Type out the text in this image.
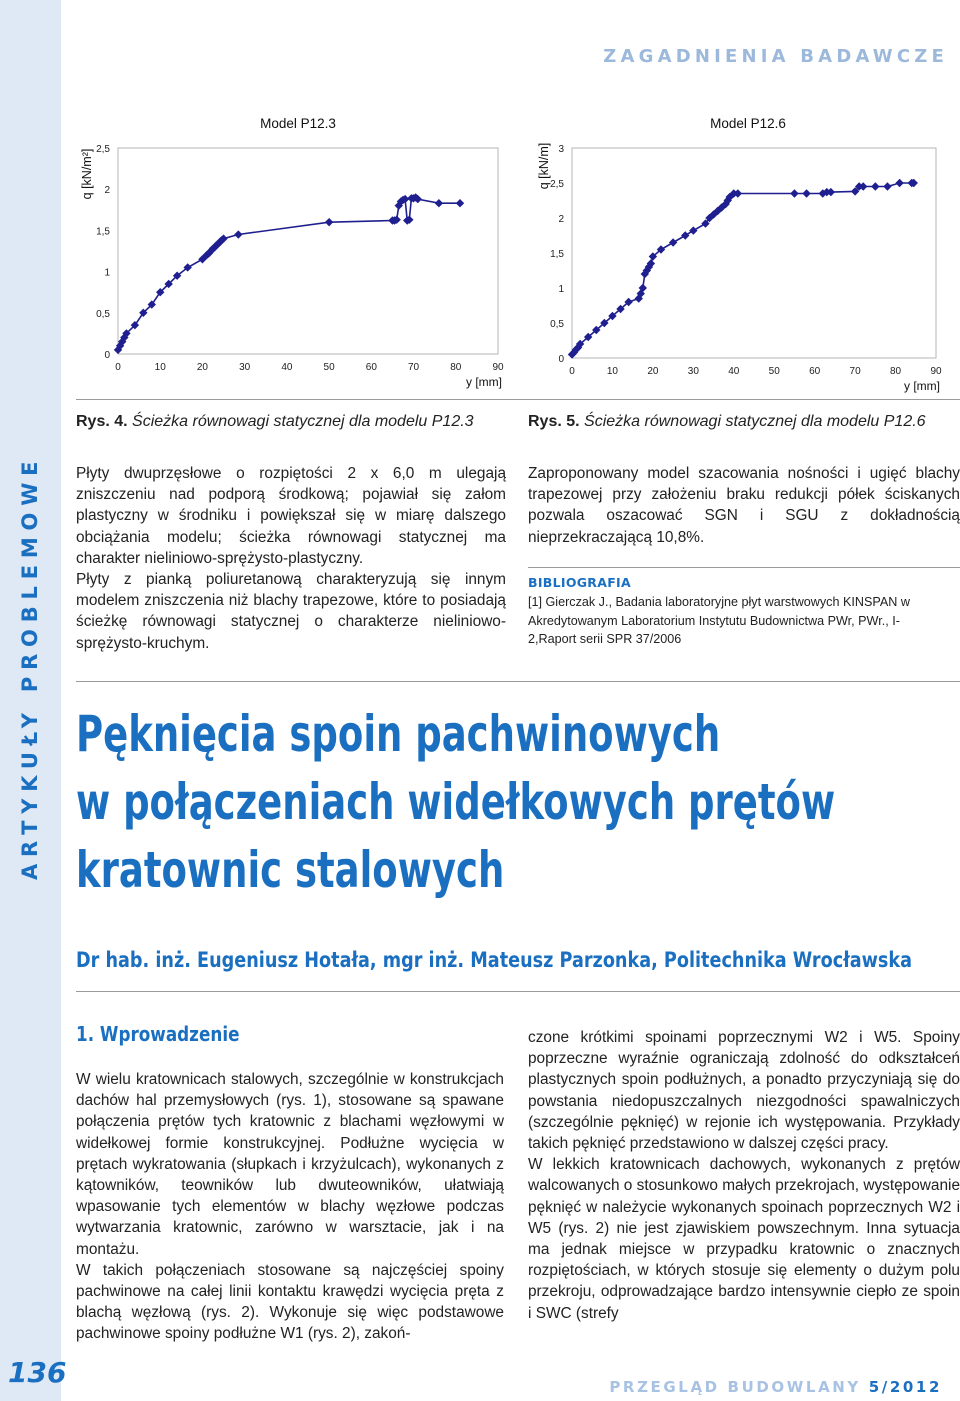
ARTYKUŁY PROBLEMOWE
136
ZAGADNIENIA BADAWCZE
Model P12.3
0
0,5
1
1,5
2
2,5
0	10	20	30	40	50	60	70	80	90
y [mm]
q [kN/m²]
Model P12.6
0
0,5
1
1,5
2
2,5
3
0	10	20	30	40	50	60	70	80	90
y [mm]
q [kN/m]
Rys. 4. Ścieżka równowagi statycznej dla modelu P12.3	Rys. 5. Ścieżka równowagi statycznej dla modelu P12.6

Płyty dwuprzęsłowe o rozpiętości 2 x 6,0 m ulegają zniszczeniu nad podporą środkową; pojawiał się załom plastyczny w środniku i powiększał się w miarę dalszego obciążania modelu; ścieżka równowagi statycznej ma charakter nieliniowo-sprężysto-plastyczny.

Płyty z pianką poliuretanową charakteryzują się innym modelem zniszczenia niż blachy trapezowe, które to posiadają ścieżkę równowagi statycznej o charakterze nieliniowo-sprężysto-kruchym.

Zaproponowany model szacowania nośności i ugięć blachy trapezowej przy założeniu braku redukcji półek ściskanych pozwala oszacować SGN i SGU z dokładnością nieprzekraczającą 10,8%.

BIBLIOGRAFIA

[1] Gierczak J., Badania laboratoryjne płyt warstwowych KINSPAN w Akredytowanym Laboratorium Instytutu Budownictwa PWr, PWr., I-2,Raport serii SPR 37/2006

Pęknięcia spoin pachwinowych
w połączeniach widełkowych prętów
kratownic stalowych
Dr hab. inż. Eugeniusz Hotała, mgr inż. Mateusz Parzonka, Politechnika Wrocławska
1. Wprowadzenie

W wielu kratownicach stalowych, szczególnie w konstrukcjach dachów hal przemysłowych (rys. 1), stosowane są spawane połączenia prętów tych kratownic z blachami węzłowymi w widełkowej formie konstrukcyjnej. Podłużne wycięcia w prętach wykratowania (słupkach i krzyżulcach), wykonanych z kątowników, teowników lub dwuteowników, ułatwiają wpasowanie tych elementów w blachy węzłowe podczas wytwarzania kratownic, zarówno w warsztacie, jak i na montażu.

W takich połączeniach stosowane są najczęściej spoiny pachwinowe na całej linii kontaktu krawędzi wycięcia pręta z blachą węzłową (rys. 2). Wykonuje się więc podstawowe pachwinowe spoiny podłużne W1 (rys. 2), zakoń-

czone krótkimi spoinami poprzecznymi W2 i W5. Spoiny poprzeczne wyraźnie ograniczają zdolność do odkształceń plastycznych spoin podłużnych, a ponadto przyczyniają się do powstania niedopuszczalnych niezgodności spawalniczych (szczególnie pęknięć) w rejonie ich występowania. Przykłady takich pęknięć przedstawiono w dalszej części pracy.

W lekkich kratownicach dachowych, wykonanych z prętów walcowanych o stosunkowo małych przekrojach, występowanie pęknięć w należycie wykonanych spoinach poprzecznych W2 i W5 (rys. 2) nie jest zjawiskiem powszechnym. Inna sytuacja ma jednak miejsce w przypadku kratownic o znacznych rozpiętościach, w których stosuje się elementy o dużym polu przekroju, odprowadzające bardzo intensywnie ciepło ze spoin i SWC (strefy

PRZEGLĄD BUDOWLANY 5/2012
